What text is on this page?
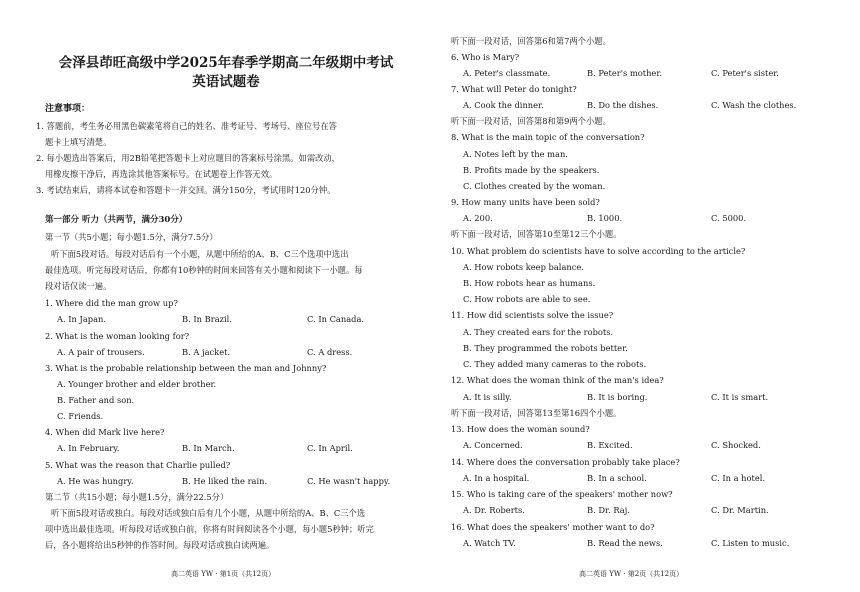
会泽县茚旺高级中学2025年春季学期高二年级期中考试
英语试题卷
注意事项：
1. 答题前，考生务必用黑色碳素笔将自己的姓名、准考证号、考场号、座位号在答
题卡上填写清楚。
2. 每小题选出答案后，用2B铅笔把答题卡上对应题目的答案标号涂黑。如需改动，
用橡皮擦干净后，再选涂其他答案标号。在试题卷上作答无效。
3. 考试结束后，请将本试卷和答题卡一并交回。满分150分，考试用时120分钟。
第一部分 听力（共两节，满分30分）
第一节（共5小题；每小题1.5分，满分7.5分）
听下面5段对话。每段对话后有一个小题，从题中所给的A、B、C三个选项中选出
最佳选项。听完每段对话后，你都有10秒钟的时间来回答有关小题和阅读下一小题。每
段对话仅读一遍。
1. Where did the man grow up?
A. In Japan.	B. In Brazil.	C. In Canada.
2. What is the woman looking for?
A. A pair of trousers.	B. A jacket.	C. A dress.
3. What is the probable relationship between the man and Johnny?
A. Younger brother and elder brother.
B. Father and son.
C. Friends.
4. When did Mark live here?
A. In February.	B. In March.	C. In April.
5. What was the reason that Charlie pulled?
A. He was hungry.	B. He liked the rain.	C. He wasn't happy.
第二节（共15小题；每小题1.5分，满分22.5分）
听下面5段对话或独白。每段对话或独白后有几个小题，从题中所给的A、B、C三个选
项中选出最佳选项。听每段对话或独白前，你将有时间阅读各个小题，每小题5秒钟；听完
后，各小题将给出5秒钟的作答时间。每段对话或独白读两遍。
高二英语 YW · 第1页（共12页）
听下面一段对话，回答第6和第7两个小题。
6. Who is Mary?
A. Peter's classmate.	B. Peter's mother.	C. Peter's sister.
7. What will Peter do tonight?
A. Cook the dinner.	B. Do the dishes.	C. Wash the clothes.
听下面一段对话，回答第8和第9两个小题。
8. What is the main topic of the conversation?
A. Notes left by the man.
B. Profits made by the speakers.
C. Clothes created by the woman.
9. How many units have been sold?
A. 200.	B. 1000.	C. 5000.
听下面一段对话，回答第10至第12三个小题。
10. What problem do scientists have to solve according to the article?
A. How robots keep balance.
B. How robots hear as humans.
C. How robots are able to see.
11. How did scientists solve the issue?
A. They created ears for the robots.
B. They programmed the robots better.
C. They added many cameras to the robots.
12. What does the woman think of the man's idea?
A. It is silly.	B. It is boring.	C. It is smart.
听下面一段对话，回答第13至第16四个小题。
13. How does the woman sound?
A. Concerned.	B. Excited.	C. Shocked.
14. Where does the conversation probably take place?
A. In a hospital.	B. In a school.	C. In a hotel.
15. Who is taking care of the speakers' mother now?
A. Dr. Roberts.	B. Dr. Raj.	C. Dr. Martin.
16. What does the speakers' mother want to do?
A. Watch TV.	B. Read the news.	C. Listen to music.
高二英语 YW · 第2页（共12页）
